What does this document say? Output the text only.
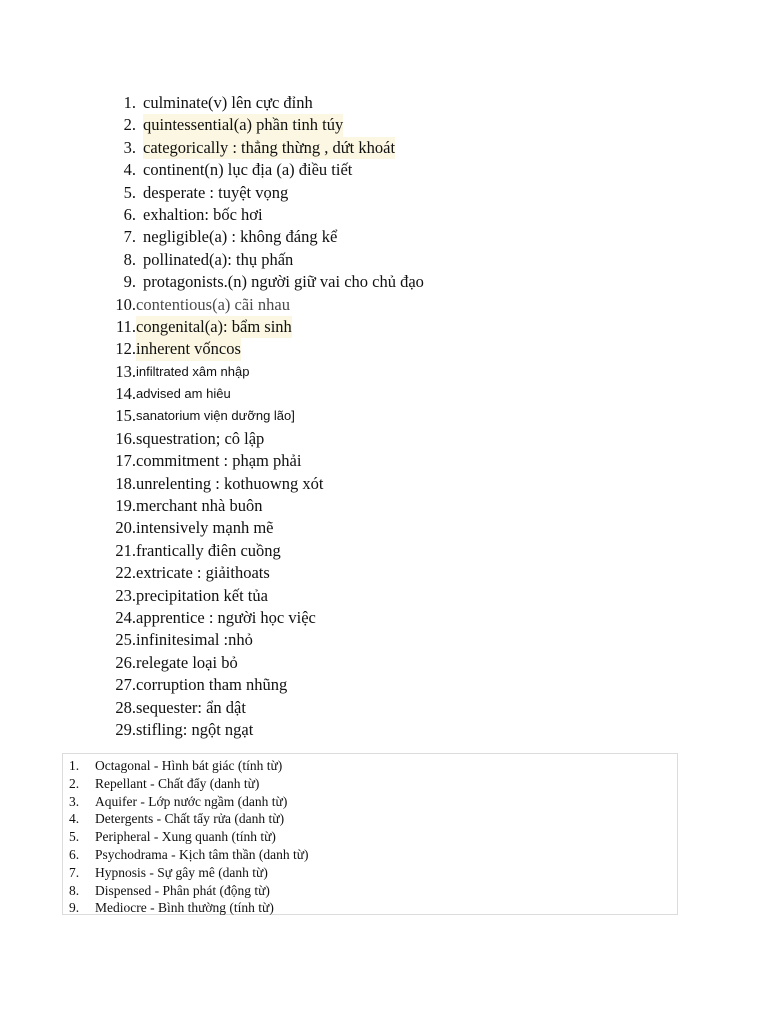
1. culminate(v) lên cực đỉnh
2. quintessential(a) phần tinh túy
3. categorically : thẳng thừng , dứt khoát
4. continent(n) lục địa (a) điều tiết
5. desperate : tuyệt vọng
6. exhaltion: bốc hơi
7. negligible(a) : không đáng kể
8. pollinated(a): thụ phấn
9. protagonists.(n) người giữ vai cho chủ đạo
10. contentious(a) cãi nhau
11. congenital(a): bẩm sinh
12. inherent vốncos
13. infiltrated xâm nhập
14. advised am hiêu
15. sanatorium viện dưỡng lão]
16. squestration; cô lập
17. commitment : phạm phải
18. unrelenting : kothuowng xót
19. merchant nhà buôn
20. intensively mạnh mẽ
21. frantically điên cuồng
22. extricate : giảithoats
23. precipitation kết tủa
24. apprentice : người học việc
25. infinitesimal :nhỏ
26. relegate loại bỏ
27. corruption tham nhũng
28. sequester: ẩn dật
29. stifling: ngột ngạt
1.	Octagonal - Hình bát giác (tính từ)
2.	Repellant - Chất đẩy (danh từ)
3.	Aquifer - Lớp nước ngầm (danh từ)
4.	Detergents - Chất tẩy rửa (danh từ)
5.	Peripheral - Xung quanh (tính từ)
6.	Psychodrama - Kịch tâm thần (danh từ)
7.	Hypnosis - Sự gây mê (danh từ)
8.	Dispensed - Phân phát (động từ)
9.	Mediocre - Bình thường (tính từ)
